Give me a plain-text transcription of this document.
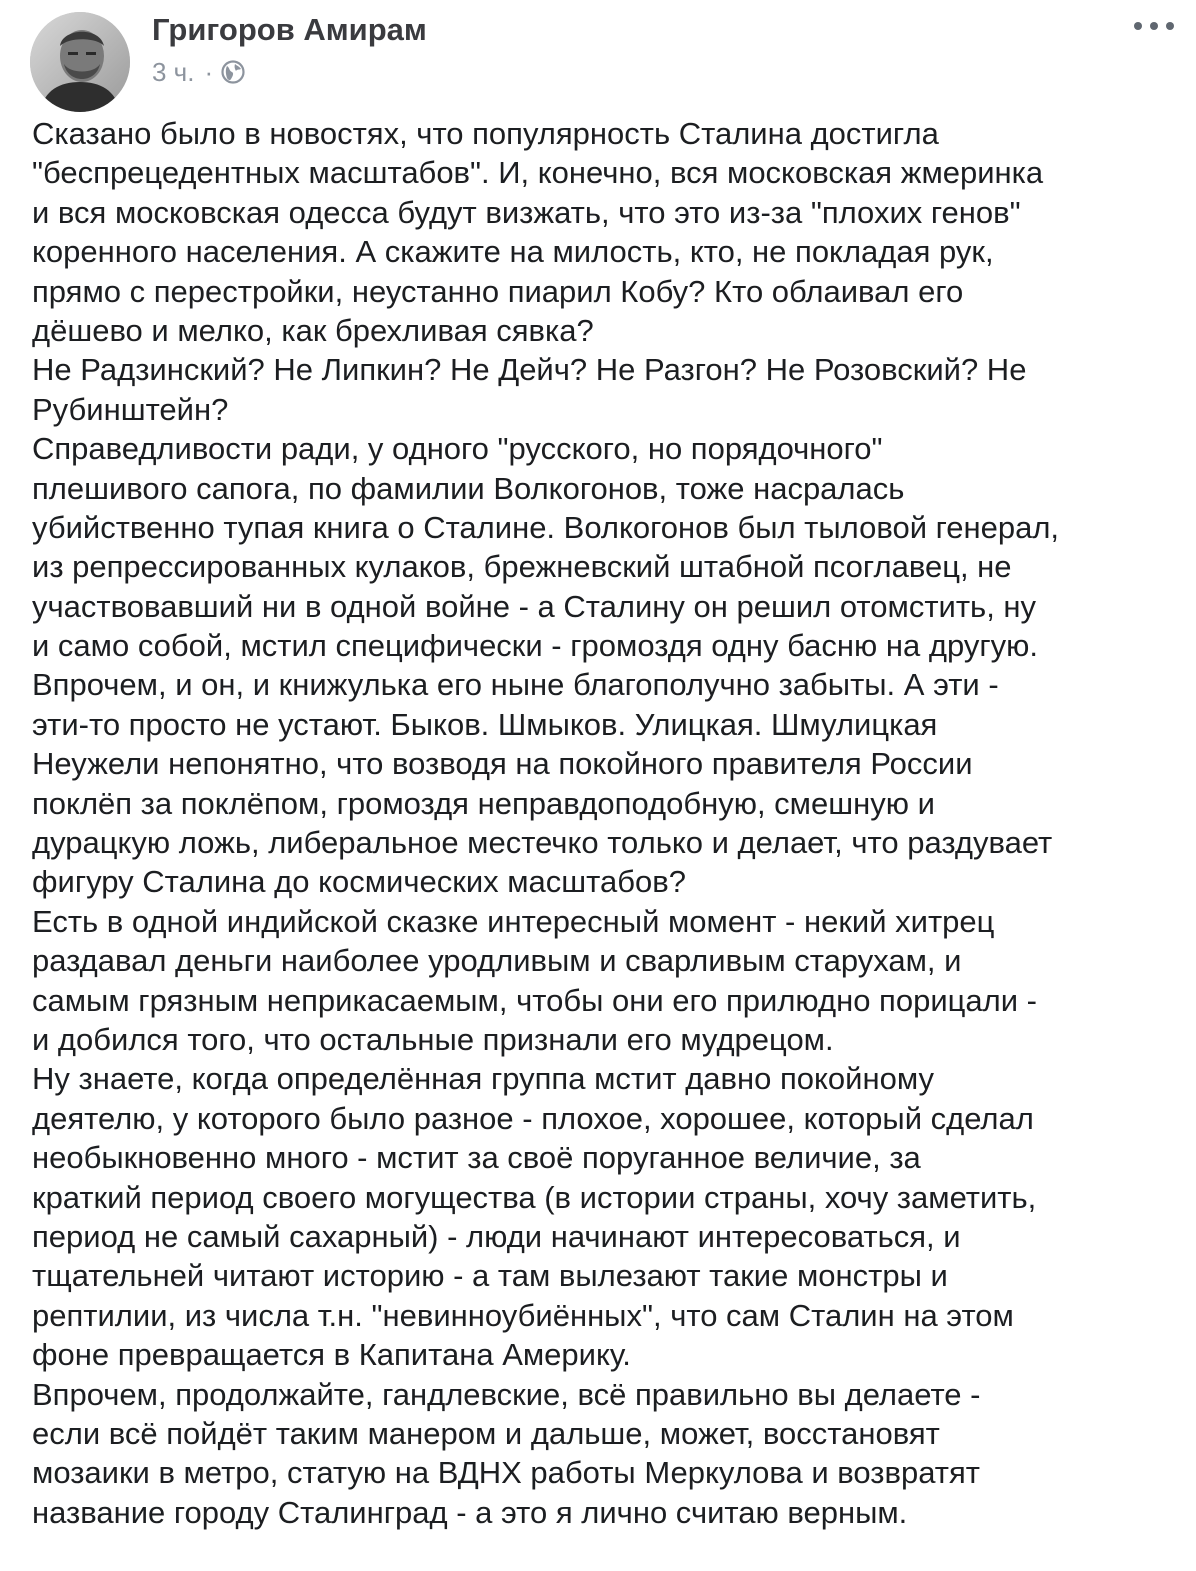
Григоров Амирам
3 ч. ·
Сказано было в новостях, что популярность Сталина достигла
"беспрецедентных масштабов". И, конечно, вся московская жмеринка
и вся московская одесса будут визжать, что это из-за "плохих генов"
коренного населения. А скажите на милость, кто, не покладая рук,
прямо с перестройки, неустанно пиарил Кобу? Кто облаивал его
дёшево и мелко, как брехливая сявка?
Не Радзинский? Не Липкин? Не Дейч? Не Разгон? Не Розовский? Не
Рубинштейн?
Справедливости ради, у одного "русского, но порядочного"
плешивого сапога, по фамилии Волкогонов, тоже насралась
убийственно тупая книга о Сталине. Волкогонов был тыловой генерал,
из репрессированных кулаков, брежневский штабной псоглавец, не
участвовавший ни в одной войне - а Сталину он решил отомстить, ну
и само собой, мстил специфически - громоздя одну басню на другую.
Впрочем, и он, и книжулька его ныне благополучно забыты. А эти -
эти-то просто не устают. Быков. Шмыков. Улицкая. Шмулицкая
Неужели непонятно, что возводя на покойного правителя России
поклёп за поклёпом, громоздя неправдоподобную, смешную и
дурацкую ложь, либеральное местечко только и делает, что раздувает
фигуру Сталина до космических масштабов?
Есть в одной индийской сказке интересный момент - некий хитрец
раздавал деньги наиболее уродливым и сварливым старухам, и
самым грязным неприкасаемым, чтобы они его прилюдно порицали -
и добился того, что остальные признали его мудрецом.
Ну знаете, когда определённая группа мстит давно покойному
деятелю, у которого было разное - плохое, хорошее, который сделал
необыкновенно много - мстит за своё поруганное величие, за
краткий период своего могущества (в истории страны, хочу заметить,
период не самый сахарный) - люди начинают интересоваться, и
тщательней читают историю - а там вылезают такие монстры и
рептилии, из числа т.н. "невинноубиённых", что сам Сталин на этом
фоне превращается в Капитана Америку.
Впрочем, продолжайте, гандлевские, всё правильно вы делаете -
если всё пойдёт таким манером и дальше, может, восстановят
мозаики в метро, статую на ВДНХ работы Меркулова и возвратят
название городу Сталинград - а это я лично считаю верным.
